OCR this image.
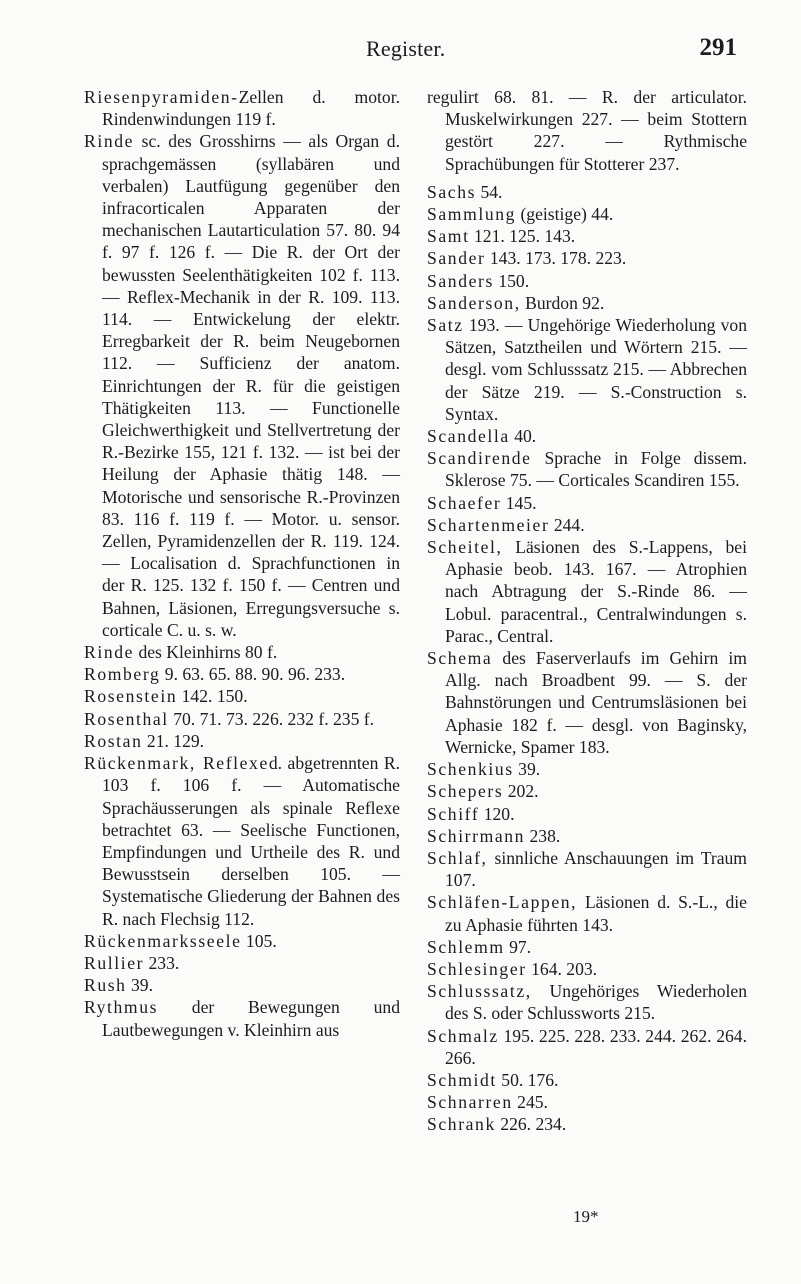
Register.	291
Riesenpyramiden-Zellen d. motor. Rindenwindungen 119 f.
Rinde sc. des Grosshirns — als Organ d. sprachgemässen (syllabären und verbalen) Lautfügung gegenüber den infracorticalen Apparaten der mechanischen Lautarticulation 57. 80. 94 f. 97 f. 126 f. — Die R. der Ort der bewussten Seelenthätigkeiten 102 f. 113. — Reflex-Mechanik in der R. 109. 113. 114. — Entwickelung der elektr. Erregbarkeit der R. beim Neugebornen 112. — Sufficienz der anatom. Einrichtungen der R. für die geistigen Thätigkeiten 113. — Functionelle Gleichwerthigkeit und Stellvertretung der R.-Bezirke 155, 121 f. 132. — ist bei der Heilung der Aphasie thätig 148. — Motorische und sensorische R.-Provinzen 83. 116 f. 119 f. — Motor. u. sensor. Zellen, Pyramidenzellen der R. 119. 124. — Localisation d. Sprachfunctionen in der R. 125. 132 f. 150 f. — Centren und Bahnen, Läsionen, Erregungsversuche s. corticale C. u. s. w.
Rinde des Kleinhirns 80 f.
Romberg 9. 63. 65. 88. 90. 96. 233.
Rosenstein 142. 150.
Rosenthal 70. 71. 73. 226. 232 f. 235 f.
Rostan 21. 129.
Rückenmark, Reflexed. abgetrennten R. 103 f. 106 f. — Automatische Sprachäusserungen als spinale Reflexe betrachtet 63. — Seelische Functionen, Empfindungen und Urtheile des R. und Bewusstsein derselben 105. — Systematische Gliederung der Bahnen des R. nach Flechsig 112.
Rückenmarksseele 105.
Rullier 233.
Rush 39.
Rythmus der Bewegungen und Lautbewegungen v. Kleinhirn aus
regulirt 68. 81. — R. der articulator. Muskelwirkungen 227. — beim Stottern gestört 227. — Rythmische Sprachübungen für Stotterer 237.
Sachs 54.
Sammlung (geistige) 44.
Samt 121. 125. 143.
Sander 143. 173. 178. 223.
Sanders 150.
Sanderson, Burdon 92.
Satz 193. — Ungehörige Wiederholung von Sätzen, Satztheilen und Wörtern 215. — desgl. vom Schlusssatz 215. — Abbrechen der Sätze 219. — S.-Construction s. Syntax.
Scandella 40.
Scandirende Sprache in Folge dissem. Sklerose 75. — Corticales Scandiren 155.
Schaefer 145.
Schartenmeier 244.
Scheitel, Läsionen des S.-Lappens, bei Aphasie beob. 143. 167. — Atrophien nach Abtragung der S.-Rinde 86. — Lobul. paracentral., Centralwindungen s. Parac., Central.
Schema des Faserverlaufs im Gehirn im Allg. nach Broadbent 99. — S. der Bahnstörungen und Centrumsläsionen bei Aphasie 182 f. — desgl. von Baginsky, Wernicke, Spamer 183.
Schenkius 39.
Schepers 202.
Schiff 120.
Schirrmann 238.
Schlaf, sinnliche Anschauungen im Traum 107.
Schläfen-Lappen, Läsionen d. S.-L., die zu Aphasie führten 143.
Schlemm 97.
Schlesinger 164. 203.
Schlusssatz, Ungehöriges Wiederholen des S. oder Schlussworts 215.
Schmalz 195. 225. 228. 233. 244. 262. 264. 266.
Schmidt 50. 176.
Schnarren 245.
Schrank 226. 234.
19*
